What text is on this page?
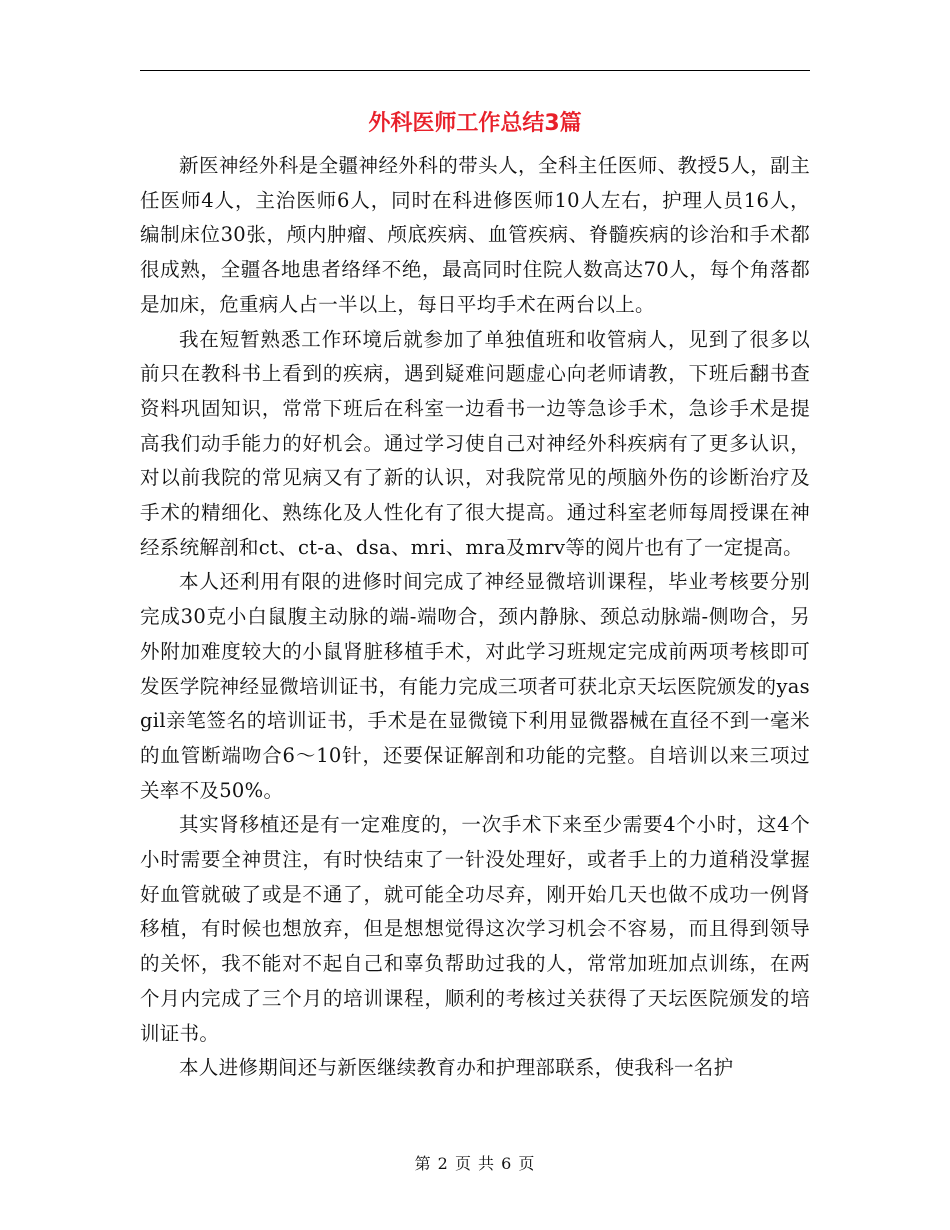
外科医师工作总结3篇

新医神经外科是全疆神经外科的带头人，全科主任医师、教授5人，副主任医师4人，主治医师6人，同时在科进修医师10人左右，护理人员16人，编制床位30张，颅内肿瘤、颅底疾病、血管疾病、脊髓疾病的诊治和手术都很成熟，全疆各地患者络绎不绝，最高同时住院人数高达70人，每个角落都是加床，危重病人占一半以上，每日平均手术在两台以上。

我在短暂熟悉工作环境后就参加了单独值班和收管病人，见到了很多以前只在教科书上看到的疾病，遇到疑难问题虚心向老师请教，下班后翻书查资料巩固知识，常常下班后在科室一边看书一边等急诊手术，急诊手术是提高我们动手能力的好机会。通过学习使自己对神经外科疾病有了更多认识，对以前我院的常见病又有了新的认识，对我院常见的颅脑外伤的诊断治疗及手术的精细化、熟练化及人性化有了很大提高。通过科室老师每周授课在神经系统解剖和ct、ct-a、dsa、mri、mra及mrv等的阅片也有了一定提高。

本人还利用有限的进修时间完成了神经显微培训课程，毕业考核要分别完成30克小白鼠腹主动脉的端-端吻合，颈内静脉、颈总动脉端-侧吻合，另外附加难度较大的小鼠肾脏移植手术，对此学习班规定完成前两项考核即可发医学院神经显微培训证书，有能力完成三项者可获北京天坛医院颁发的yasgil亲笔签名的培训证书，手术是在显微镜下利用显微器械在直径不到一毫米的血管断端吻合6～10针，还要保证解剖和功能的完整。自培训以来三项过关率不及50%。

其实肾移植还是有一定难度的，一次手术下来至少需要4个小时，这4个小时需要全神贯注，有时快结束了一针没处理好，或者手上的力道稍没掌握好血管就破了或是不通了，就可能全功尽弃，刚开始几天也做不成功一例肾移植，有时候也想放弃，但是想想觉得这次学习机会不容易，而且得到领导的关怀，我不能对不起自己和辜负帮助过我的人，常常加班加点训练，在两个月内完成了三个月的培训课程，顺利的考核过关获得了天坛医院颁发的培训证书。

本人进修期间还与新医继续教育办和护理部联系，使我科一名护

第 2 页 共 6 页
